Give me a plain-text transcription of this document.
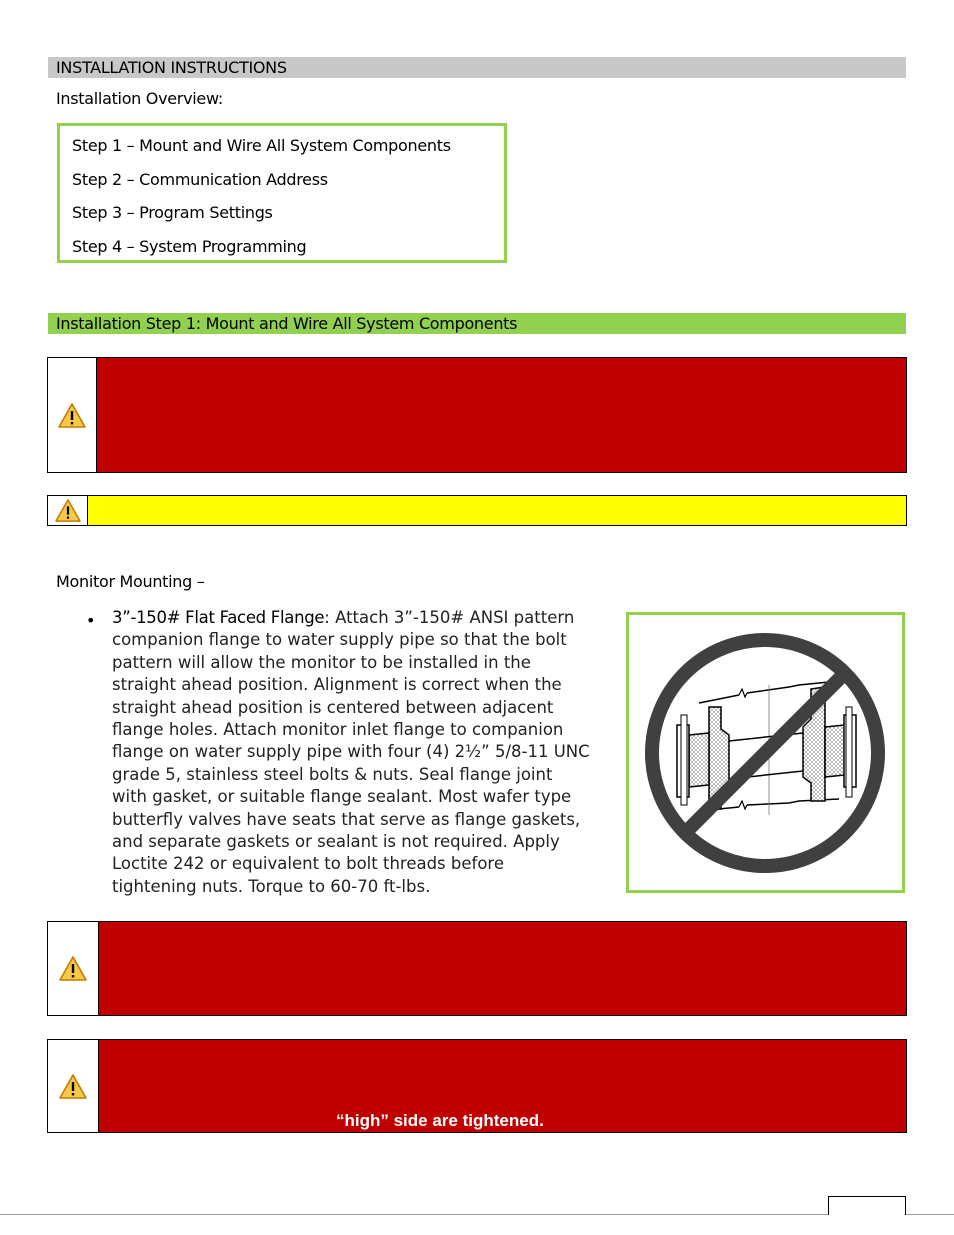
INSTALLATION INSTRUCTIONS
Installation Overview:
Step 1 – Mount and Wire All System Components
Step 2 – Communication Address
Step 3 – Program Settings
Step 4 – System Programming
Installation Step 1: Mount and Wire All System Components
Monitor Mounting –
• 3”-150# Flat Faced Flange: Attach 3”-150# ANSI pattern companion flange to water supply pipe so that the bolt pattern will allow the monitor to be installed in the straight ahead position. Alignment is correct when the straight ahead position is centered between adjacent flange holes. Attach monitor inlet flange to companion flange on water supply pipe with four (4) 2½” 5/8-11 UNC grade 5, stainless steel bolts & nuts. Seal flange joint with gasket, or suitable flange sealant. Most wafer type butterfly valves have seats that serve as flange gaskets, and separate gaskets or sealant is not required. Apply Loctite 242 or equivalent to bolt threads before tightening nuts. Torque to 60-70 ft-lbs.
“high” side are tightened.
